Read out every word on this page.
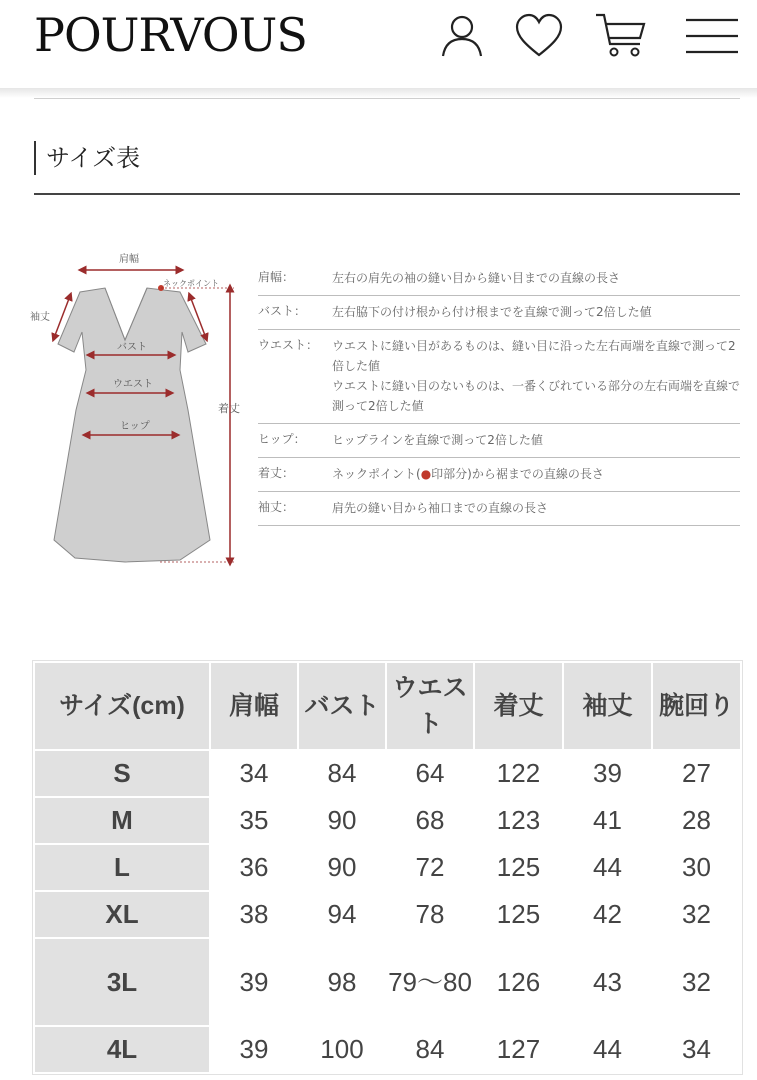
POURVOUS
サイズ表
肩幅
ネックポイント
袖丈
バスト
ウエスト
ヒップ
着丈
肩幅：	左右の肩先の袖の縫い目から縫い目までの直線の長さ
バスト：	左右脇下の付け根から付け根までを直線で測って2倍した値
ウエスト：	ウエストに縫い目があるものは、縫い目に沿った左右両端を直線で測って2倍した値
ウエストに縫い目のないものは、一番くびれている部分の左右両端を直線で測って2倍した値
ヒップ：	ヒップラインを直線で測って2倍した値
着丈：	ネックポイント(●印部分)から裾までの直線の長さ
袖丈：	肩先の縫い目から袖口までの直線の長さ
サイズ(cm)	肩幅	バスト	ウエスト	着丈	袖丈	腕回り
S	34	84	64	122	39	27
M	35	90	68	123	41	28
L	36	90	72	125	44	30
XL	38	94	78	125	42	32
3L	39	98	79〜80	126	43	32
4L	39	100	84	127	44	34
